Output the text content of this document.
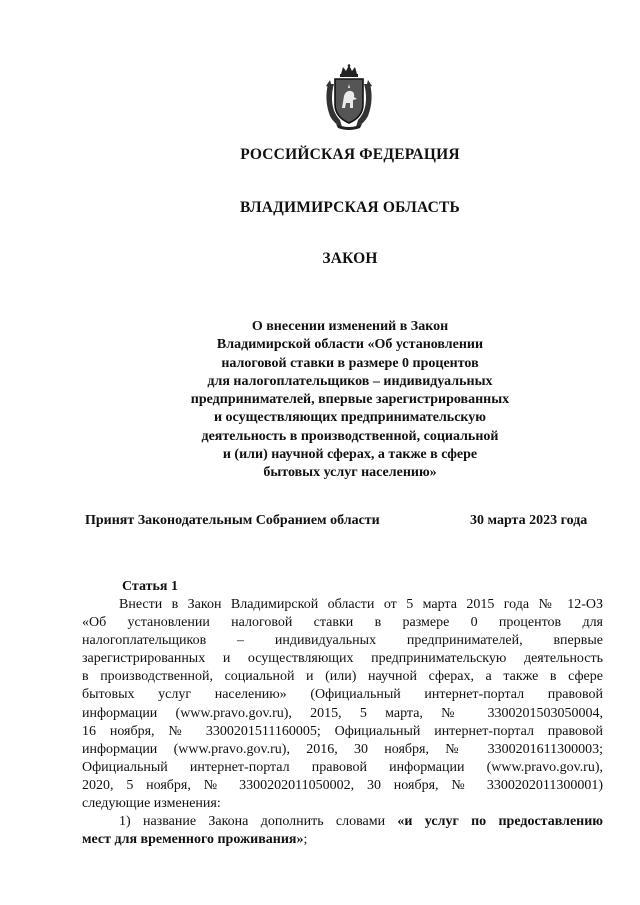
РОССИЙСКАЯ ФЕДЕРАЦИЯ
ВЛАДИМИРСКАЯ ОБЛАСТЬ
ЗАКОН
О внесении изменений в Закон
Владимирской области «Об установлении
налоговой ставки в размере 0 процентов
для налогоплательщиков – индивидуальных
предпринимателей, впервые зарегистрированных
и осуществляющих предпринимательскую
деятельность в производственной, социальной
и (или) научной сферах, а также в сфере
бытовых услуг населению»
Принят Законодательным Собранием области	30 марта 2023 года
Статья 1
Внести в Закон Владимирской области от 5 марта 2015 года № 12-ОЗ
«Об установлении налоговой ставки в размере 0 процентов для
налогоплательщиков – индивидуальных предпринимателей, впервые
зарегистрированных и осуществляющих предпринимательскую деятельность
в производственной, социальной и (или) научной сферах, а также в сфере
бытовых услуг населению» (Официальный интернет-портал правовой
информации (www.pravo.gov.ru), 2015, 5 марта, № 3300201503050004,
16 ноября, № 3300201511160005; Официальный интернет-портал правовой
информации (www.pravo.gov.ru), 2016, 30 ноября, № 3300201611300003;
Официальный интернет-портал правовой информации (www.pravo.gov.ru),
2020, 5 ноября, № 3300202011050002, 30 ноября, № 3300202011300001)
следующие изменения:
1) название Закона дополнить словами «и услуг по предоставлению
мест для временного проживания»;
